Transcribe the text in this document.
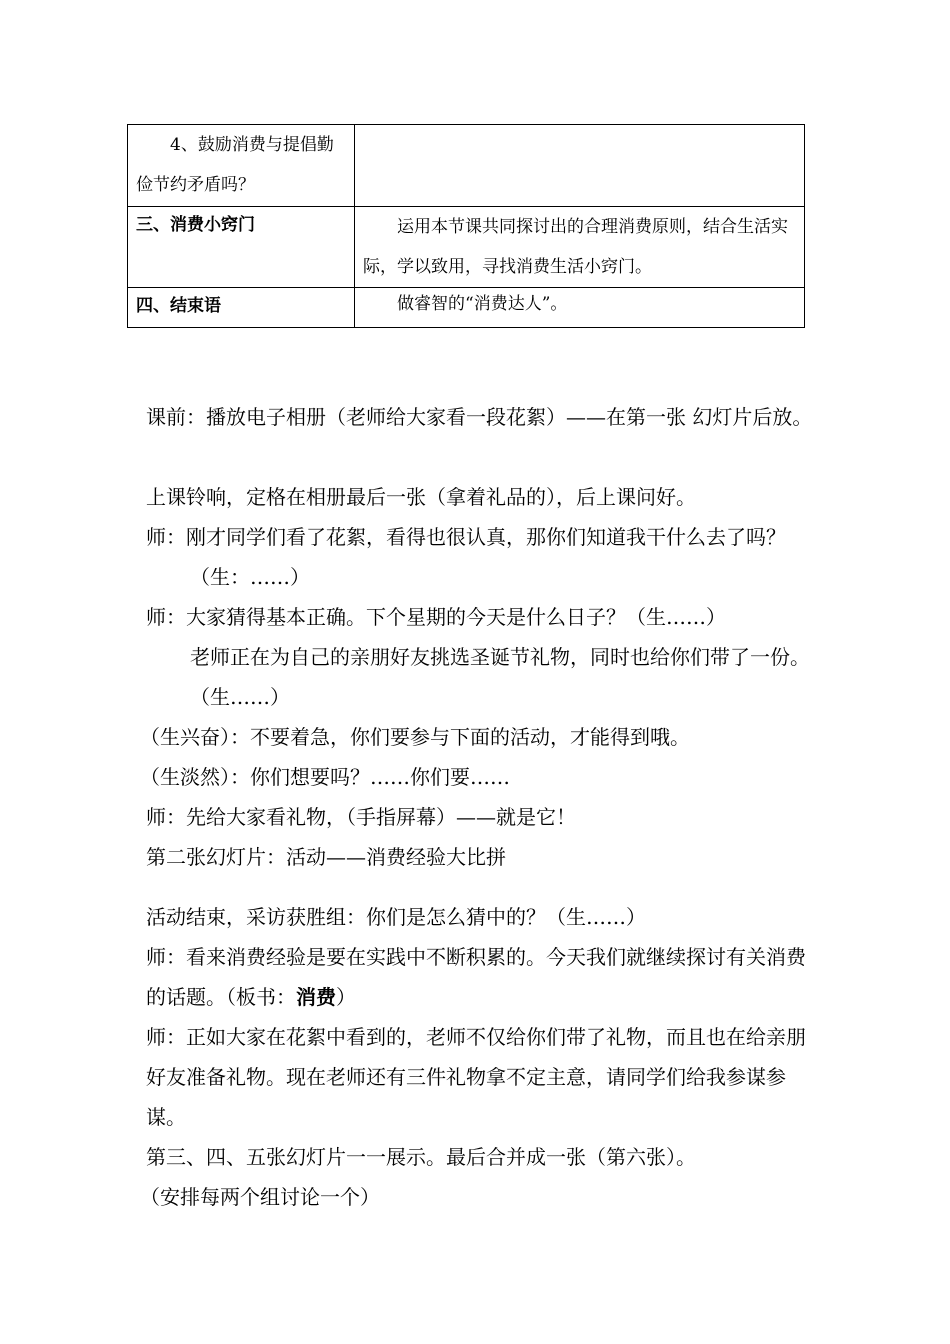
4、鼓励消费与提倡勤俭节约矛盾吗？	
三、消费小窍门	运用本节课共同探讨出的合理消费原则，结合生活实际，学以致用，寻找消费生活小窍门。
四、结束语	做睿智的“消费达人”。

课前：播放电子相册（老师给大家看一段花絮）——在第一张 幻灯片后放。

上课铃响，定格在相册最后一张（拿着礼品的），后上课问好。

师：刚才同学们看了花絮，看得也很认真，那你们知道我干什么去了吗？（生：……）

师：大家猜得基本正确。下个星期的今天是什么日子？（生……）

老师正在为自己的亲朋好友挑选圣诞节礼物，同时也给你们带了一份。（生……）

（生兴奋）：不要着急，你们要参与下面的活动，才能得到哦。

（生淡然）：你们想要吗？……你们要……

师：先给大家看礼物，（手指屏幕）——就是它！

第二张幻灯片：活动——消费经验大比拼

活动结束，采访获胜组：你们是怎么猜中的？（生……）

师：看来消费经验是要在实践中不断积累的。今天我们就继续探讨有关消费的话题。（板书：消费）

师：正如大家在花絮中看到的，老师不仅给你们带了礼物，而且也在给亲朋好友准备礼物。现在老师还有三件礼物拿不定主意，请同学们给我参谋参谋。

第三、四、五张幻灯片一一展示。最后合并成一张（第六张）。

（安排每两个组讨论一个）
